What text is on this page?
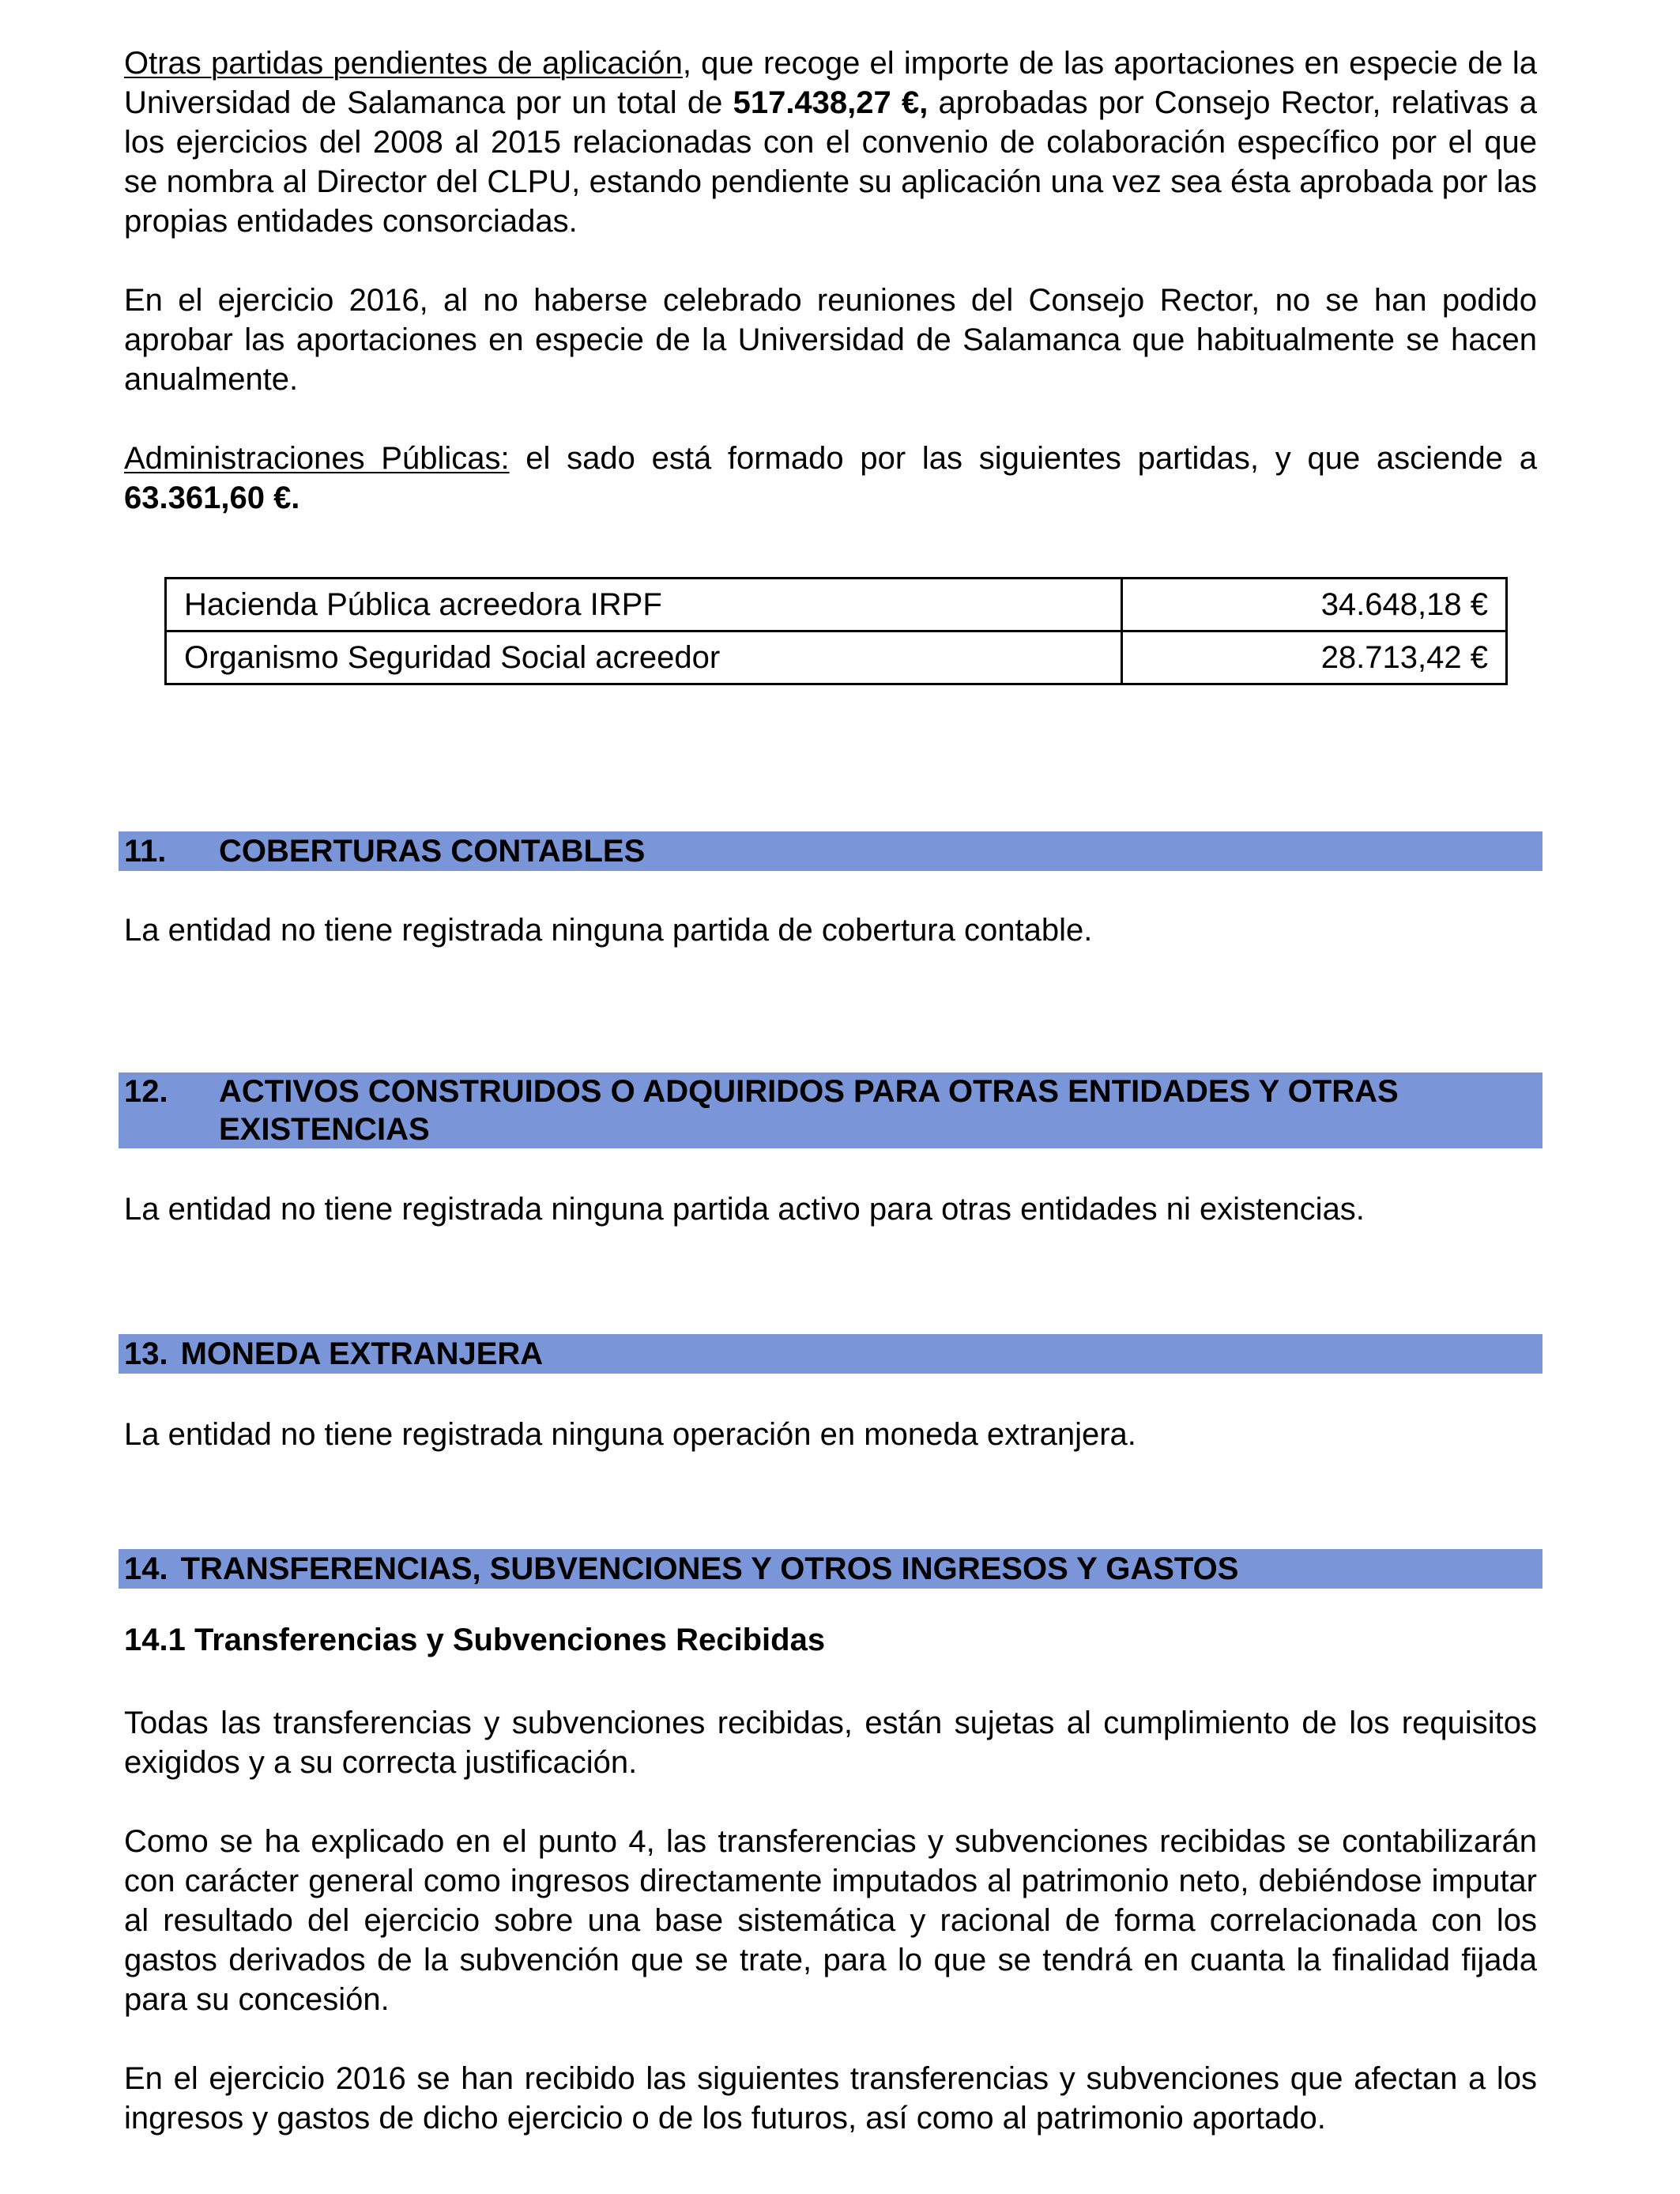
Otras partidas pendientes de aplicación, que recoge el importe de las aportaciones en especie de la Universidad de Salamanca por un total de 517.438,27 €, aprobadas por Consejo Rector, relativas a los ejercicios del 2008 al 2015 relacionadas con el convenio de colaboración específico por el que se nombra al Director del CLPU, estando pendiente su aplicación una vez sea ésta aprobada por las propias entidades consorciadas.

En el ejercicio 2016, al no haberse celebrado reuniones del Consejo Rector, no se han podido aprobar las aportaciones en especie de la Universidad de Salamanca que habitualmente se hacen anualmente.

Administraciones Públicas: el sado está formado por las siguientes partidas, y que asciende a 63.361,60 €.

Hacienda Pública acreedora IRPF	34.648,18 €
Organismo Seguridad Social acreedor	28.713,42 €
11.	COBERTURAS CONTABLES

La entidad no tiene registrada ninguna partida de cobertura contable.

12.	ACTIVOS CONSTRUIDOS O ADQUIRIDOS PARA OTRAS ENTIDADES Y OTRAS
EXISTENCIAS

La entidad no tiene registrada ninguna partida activo para otras entidades ni existencias.

13. MONEDA EXTRANJERA

La entidad no tiene registrada ninguna operación en moneda extranjera.

14. TRANSFERENCIAS, SUBVENCIONES Y OTROS INGRESOS Y GASTOS

14.1 Transferencias y Subvenciones Recibidas

Todas las transferencias y subvenciones recibidas, están sujetas al cumplimiento de los requisitos exigidos y a su correcta justificación.

Como se ha explicado en el punto 4, las transferencias y subvenciones recibidas se contabilizarán con carácter general como ingresos directamente imputados al patrimonio neto, debiéndose imputar al resultado del ejercicio sobre una base sistemática y racional de forma correlacionada con los gastos derivados de la subvención que se trate, para lo que se tendrá en cuanta la finalidad fijada para su concesión.

En el ejercicio 2016 se han recibido las siguientes transferencias y subvenciones que afectan a los ingresos y gastos de dicho ejercicio o de los futuros, así como al patrimonio aportado.
